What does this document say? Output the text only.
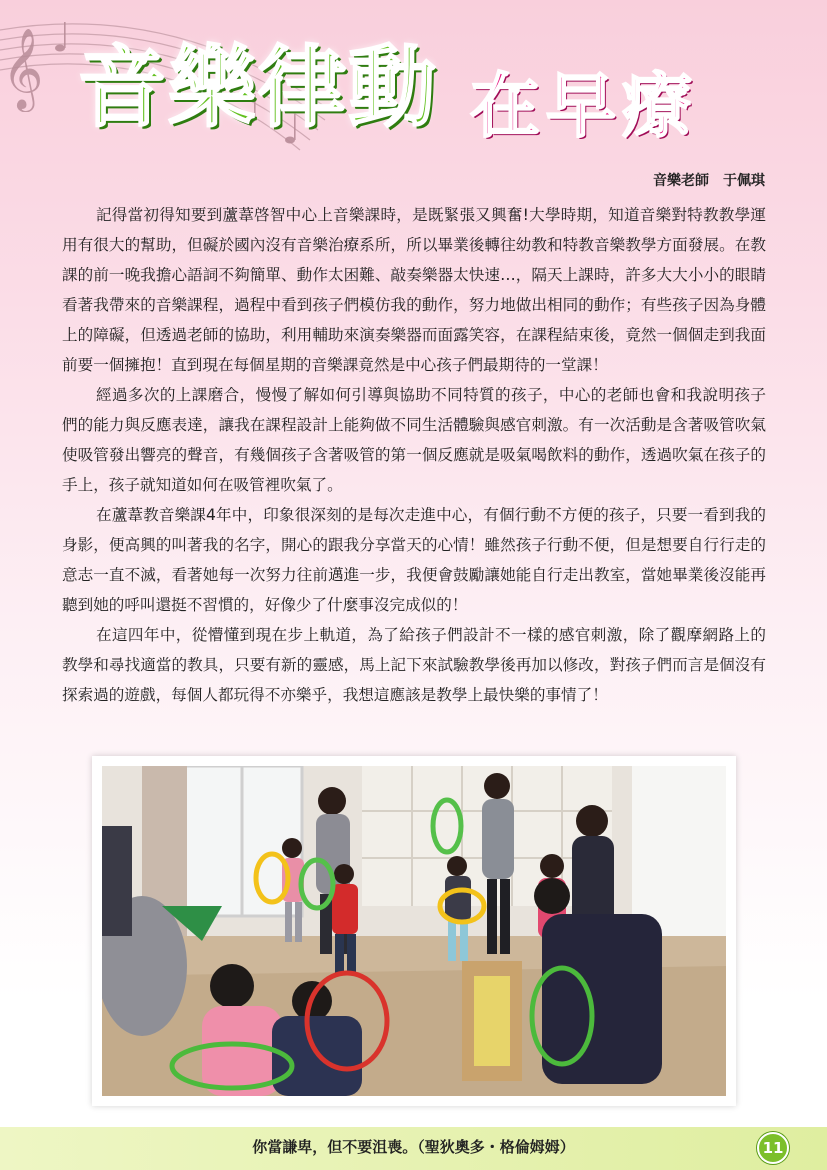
𝄞 音樂律動 在早療
音樂老師　于佩琪

記得當初得知要到蘆葦啓智中心上音樂課時，是既緊張又興奮!大學時期，知道音樂對特教教學運用有很大的幫助，但礙於國內沒有音樂治療系所，所以畢業後轉往幼教和特教音樂教學方面發展。在教課的前一晚我擔心語詞不夠簡單、動作太困難、敲奏樂器太快速…，隔天上課時，許多大大小小的眼睛看著我帶來的音樂課程，過程中看到孩子們模仿我的動作，努力地做出相同的動作；有些孩子因為身體上的障礙，但透過老師的協助，利用輔助來演奏樂器而面露笑容，在課程結束後，竟然一個個走到我面前要一個擁抱！直到現在每個星期的音樂課竟然是中心孩子們最期待的一堂課！

經過多次的上課磨合，慢慢了解如何引導與協助不同特質的孩子，中心的老師也會和我說明孩子們的能力與反應表達，讓我在課程設計上能夠做不同生活體驗與感官刺激。有一次活動是含著吸管吹氣使吸管發出響亮的聲音，有幾個孩子含著吸管的第一個反應就是吸氣喝飲料的動作，透過吹氣在孩子的手上，孩子就知道如何在吸管裡吹氣了。

在蘆葦教音樂課4年中，印象很深刻的是每次走進中心，有個行動不方便的孩子，只要一看到我的身影，便高興的叫著我的名字，開心的跟我分享當天的心情！雖然孩子行動不便，但是想要自行行走的意志一直不滅，看著她每一次努力往前邁進一步，我便會鼓勵讓她能自行走出教室，當她畢業後沒能再聽到她的呼叫還挺不習慣的，好像少了什麼事沒完成似的！

在這四年中，從懵懂到現在步上軌道，為了給孩子們設計不一樣的感官刺激，除了觀摩網路上的教學和尋找適當的教具，只要有新的靈感，馬上記下來試驗教學後再加以修改，對孩子們而言是個沒有探索過的遊戲，每個人都玩得不亦樂乎，我想這應該是教學上最快樂的事情了！

你當謙卑，但不要沮喪。（聖狄奧多・格倫姆姆）	11
